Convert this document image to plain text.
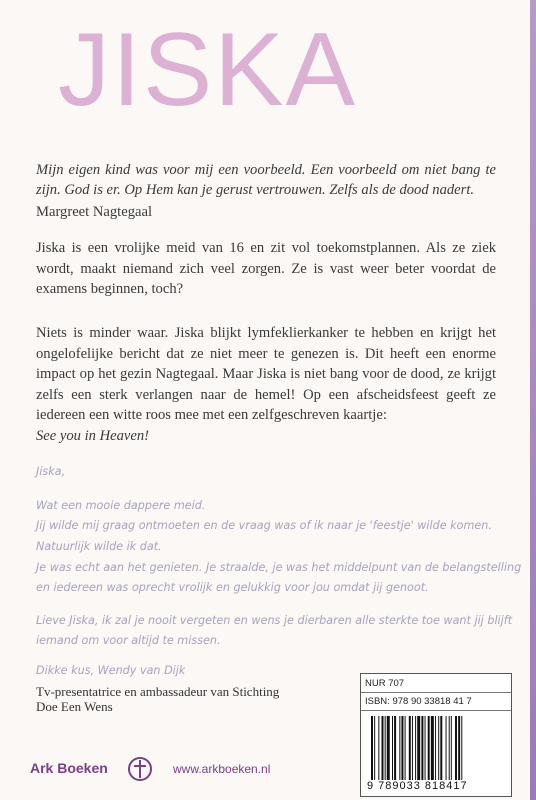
JISKA
Mijn eigen kind was voor mij een voorbeeld. Een voorbeeld om niet bang te zijn. God is er. Op Hem kan je gerust vertrouwen. Zelfs als de dood nadert.
Margreet Nagtegaal
Jiska is een vrolijke meid van 16 en zit vol toekomstplannen. Als ze ziek wordt, maakt niemand zich veel zorgen. Ze is vast weer beter voordat de examens beginnen, toch?
Niets is minder waar. Jiska blijkt lymfeklierkanker te hebben en krijgt het ongelofelijke bericht dat ze niet meer te genezen is. Dit heeft een enorme impact op het gezin Nagtegaal. Maar Jiska is niet bang voor de dood, ze krijgt zelfs een sterk verlangen naar de hemel! Op een afscheidsfeest geeft ze iedereen een witte roos mee met een zelfgeschreven kaartje:
See you in Heaven!
Jiska,
Wat een mooie dappere meid.
Jij wilde mij graag ontmoeten en de vraag was of ik naar je 'feestje' wilde komen.
Natuurlijk wilde ik dat.
Je was echt aan het genieten. Je straalde, je was het middelpunt van de belangstelling
en iedereen was oprecht vrolijk en gelukkig voor jou omdat jij genoot.
Lieve Jiska, ik zal je nooit vergeten en wens je dierbaren alle sterkte toe want jij blijft
iemand om voor altijd te missen.
Dikke kus, Wendy van Dijk
Tv-presentatrice en ambassadeur van Stichting Doe Een Wens
NUR 707
ISBN: 978 90 33818 41 7
9 789033 818417
Ark Boeken	www.arkboeken.nl
